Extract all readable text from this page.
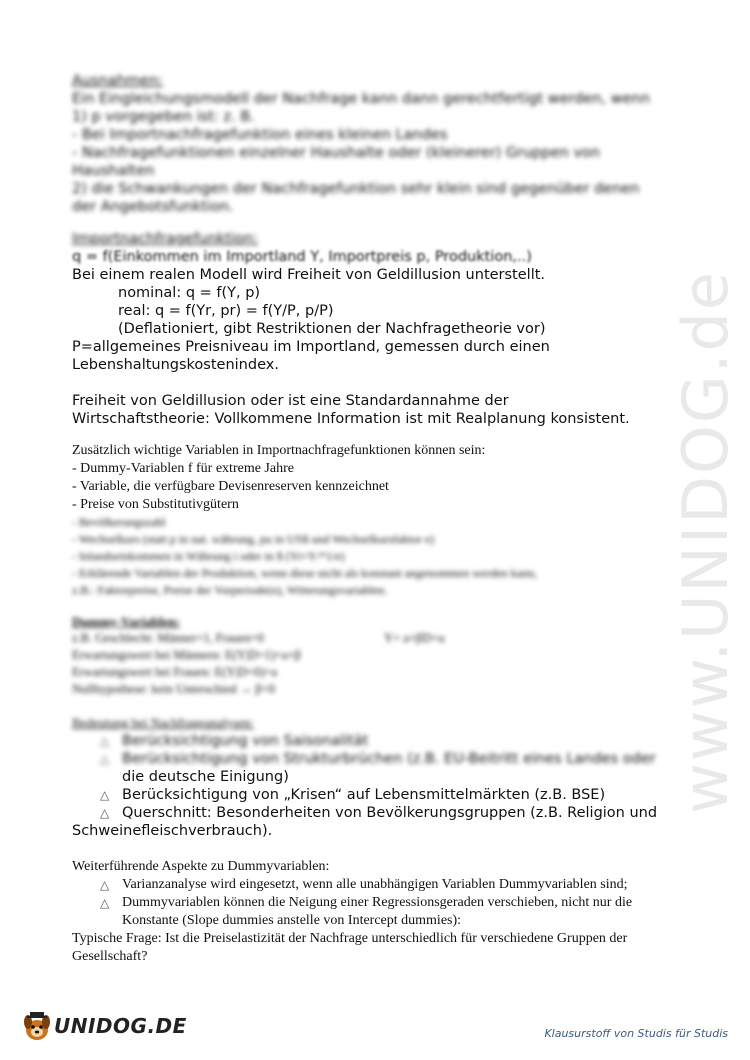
www.UNIDOG.de
Ausnahmen:
Ein Eingleichungsmodell der Nachfrage kann dann gerechtfertigt werden, wenn
1) p vorgegeben ist: z. B.
- Bei Importnachfragefunktion eines kleinen Landes
- Nachfragefunktionen einzelner Haushalte oder (kleinerer) Gruppen von
Haushalten
2) die Schwankungen der Nachfragefunktion sehr klein sind gegenüber denen
der Angebotsfunktion.
Importnachfragefunktion:
q = f(Einkommen im Importland Y, Importpreis p, Produktion,..)
Bei einem realen Modell wird Freiheit von Geldillusion unterstellt.
nominal: q = f(Y, p)
real: q = f(Yr, pr) = f(Y/P, p/P)
(Deflationiert, gibt Restriktionen der Nachfragetheorie vor)
P=allgemeines Preisniveau im Importland, gemessen durch einen
Lebenshaltungskostenindex.
Freiheit von Geldillusion oder ist eine Standardannahme der
Wirtschaftstheorie: Vollkommene Information ist mit Realplanung konsistent.
Zusätzlich wichtige Variablen in Importnachfragefunktionen können sein:
- Dummy-Variablen f für extreme Jahre
- Variable, die verfügbare Devisenreserven kennzeichnet
- Preise von Substitutivgütern
- Bevölkerungszahl
- Wechselkurs (statt p in nat. währung, pu in US$ und Wechselkursfaktor e)
- Inlandseinkommen in Währung i oder in $ (Yi=Y/*1/e)
- Erklärende Variablen der Produktion, wenn diese nicht als konstant angenommen werden kann,
z.B.: Faktorpreise, Preise der Vorperiode(n), Witterungsvariablen.
Dummy-Variablen:
z.B. Geschlecht: Männer=1, Frauen=0
Erwartungswert bei Männern: E(Y|D=1)=a+β
Erwartungswert bei Frauen: E(Y|D=0)=a
Nullhypothese: kein Unterschied → β=0
Y= a+βD+u
Bedeutung bei Nachfrageanalysen:
△ Berücksichtigung von Saisonalität
△ Berücksichtigung von Strukturbrüchen (z.B. EU-Beitritt eines Landes oder
die deutsche Einigung)
△ Berücksichtigung von „Krisen“ auf Lebensmittelmärkten (z.B. BSE)
△ Querschnitt: Besonderheiten von Bevölkerungsgruppen (z.B. Religion und
Schweinefleischverbrauch).
Weiterführende Aspekte zu Dummyvariablen:
△ Varianzanalyse wird eingesetzt, wenn alle unabhängigen Variablen Dummyvariablen sind;
△ Dummyvariablen können die Neigung einer Regressionsgeraden verschieben, nicht nur die
Konstante (Slope dummies anstelle von Intercept dummies):
Typische Frage: Ist die Preiselastizität der Nachfrage unterschiedlich für verschiedene Gruppen der
Gesellschaft?
UNIDOG.DE	Klausurstoff von Studis für Studis
